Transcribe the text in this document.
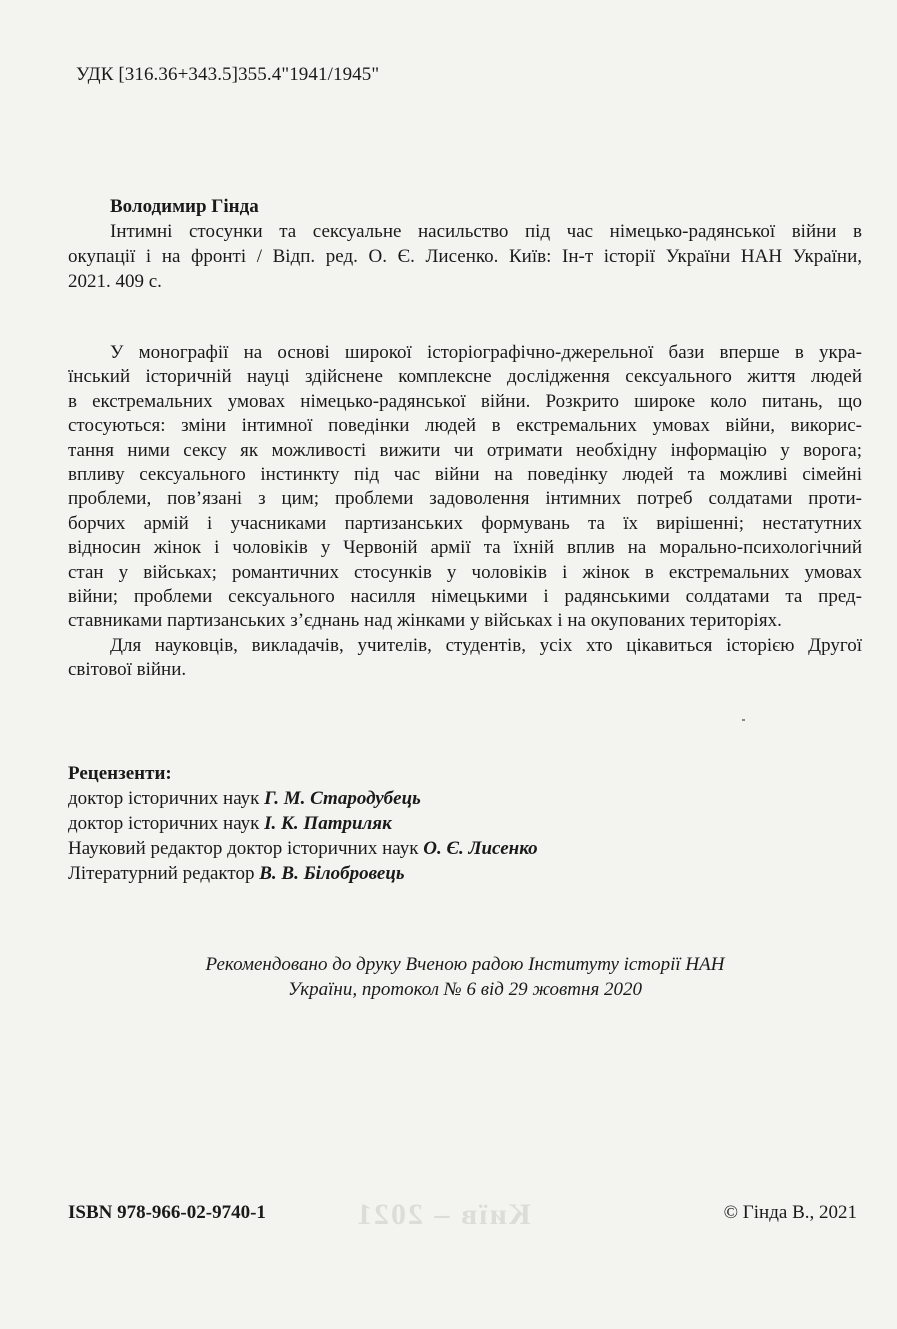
УДК [316.36+343.5]355.4"1941/1945"
Володимир Гінда
Інтимні стосунки та сексуальне насильство під час німецько-радянської війни в
окупації і на фронті / Відп. ред. О. Є. Лисенко. Київ: Ін-т історії України НАН України,
2021. 409 с.

У монографії на основі широкої історіографічно-джерельної бази вперше в укра-
їнський історичній науці здійснене комплексне дослідження сексуального життя людей
в екстремальних умовах німецько-радянської війни. Розкрито широке коло питань, що
стосуються: зміни інтимної поведінки людей в екстремальних умовах війни, викорис-
тання ними сексу як можливості вижити чи отримати необхідну інформацію у ворога;
впливу сексуального інстинкту під час війни на поведінку людей та можливі сімейні
проблеми, пов’язані з цим; проблеми задоволення інтимних потреб солдатами проти-
борчих армій і учасниками партизанських формувань та їх вирішенні; нестатутних
відносин жінок і чоловіків у Червоній армії та їхній вплив на морально-психологічний
стан у військах; романтичних стосунків у чоловіків і жінок в екстремальних умовах
війни; проблеми сексуального насилля німецькими і радянськими солдатами та пред-
ставниками партизанських з’єднань над жінками у військах і на окупованих територіях.

Для науковців, викладачів, учителів, студентів, усіх хто цікавиться історією Другої
світової війни.

Рецензенти:
доктор історичних наук Г. М. Стародубець
доктор історичних наук І. К. Патриляк
Науковий редактор доктор історичних наук О. Є. Лисенко
Літературний редактор В. В. Білобровець
Рекомендовано до друку Вченою радою Інституту історії НАН
України, протокол № 6 від 29 жовтня 2020
Київ – 2021
ISBN 978-966-02-9740-1	© Гінда В., 2021
